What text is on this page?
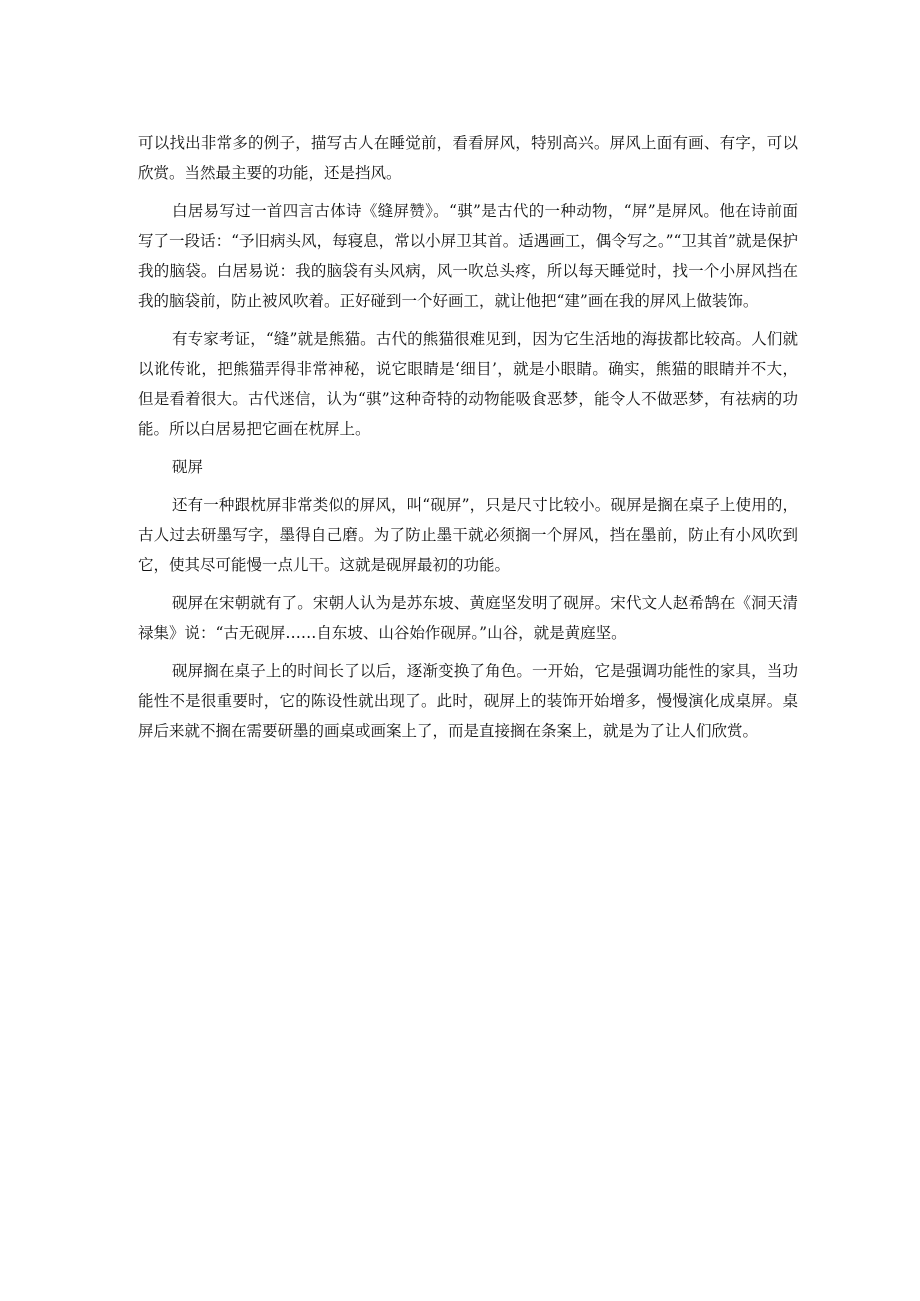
可以找出非常多的例子，描写古人在睡觉前，看看屏风，特别高兴。屏风上面有画、有字，可以欣赏。当然最主要的功能，还是挡风。

白居易写过一首四言古体诗《缝屏赞》。“骐”是古代的一种动物，“屏”是屏风。他在诗前面写了一段话：“予旧病头风，每寝息，常以小屏卫其首。适遇画工，偶令写之。”“卫其首”就是保护我的脑袋。白居易说：我的脑袋有头风病，风一吹总头疼，所以每天睡觉时，找一个小屏风挡在我的脑袋前，防止被风吹着。正好碰到一个好画工，就让他把“建”画在我的屏风上做装饰。

有专家考证，“缝”就是熊猫。古代的熊猫很难见到，因为它生活地的海拔都比较高。人们就以讹传讹，把熊猫弄得非常神秘，说它眼睛是‘细目’，就是小眼睛。确实，熊猫的眼睛并不大，但是看着很大。古代迷信，认为“骐”这种奇特的动物能吸食恶梦，能令人不做恶梦，有祛病的功能。所以白居易把它画在枕屏上。

砚屏

还有一种跟枕屏非常类似的屏风，叫“砚屏”，只是尺寸比较小。砚屏是搁在桌子上使用的，古人过去研墨写字，墨得自己磨。为了防止墨干就必须搁一个屏风，挡在墨前，防止有小风吹到它，使其尽可能慢一点儿干。这就是砚屏最初的功能。

砚屏在宋朝就有了。宋朝人认为是苏东坡、黄庭坚发明了砚屏。宋代文人赵希鹄在《洞天清禄集》说：“古无砚屏……自东坡、山谷始作砚屏。”山谷，就是黄庭坚。

砚屏搁在桌子上的时间长了以后，逐渐变换了角色。一开始，它是强调功能性的家具，当功能性不是很重要时，它的陈设性就出现了。此时，砚屏上的装饰开始增多，慢慢演化成桌屏。桌屏后来就不搁在需要研墨的画桌或画案上了，而是直接搁在条案上，就是为了让人们欣赏。
